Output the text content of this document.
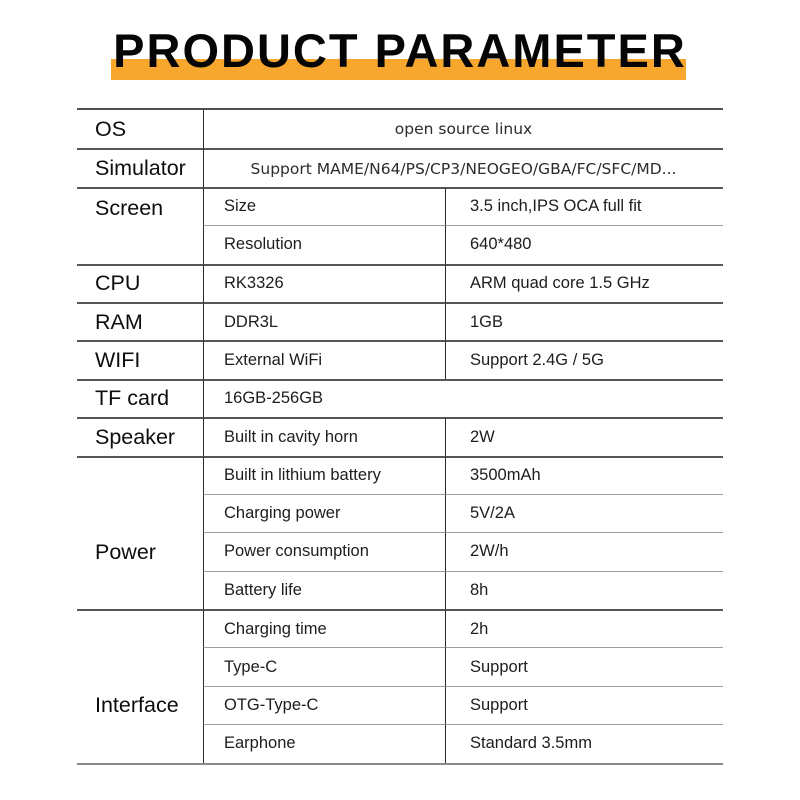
PRODUCT PARAMETER
OS	open source linux
Simulator	Support MAME/N64/PS/CP3/NEOGEO/GBA/FC/SFC/MD...
Screen	Size	3.5 inch,IPS OCA full fit
Resolution	640*480
CPU	RK3326	ARM quad core 1.5 GHz
RAM	DDR3L	1GB
WIFI	External WiFi	Support 2.4G / 5G
TF card	16GB-256GB
Speaker	Built in cavity horn	2W
Power
Built in lithium battery	3500mAh
Charging power	5V/2A
Power consumption	2W/h
Battery life	8h
Interface
Charging time	2h
Type-C	Support
OTG-Type-C	Support
Earphone	Standard 3.5mm
